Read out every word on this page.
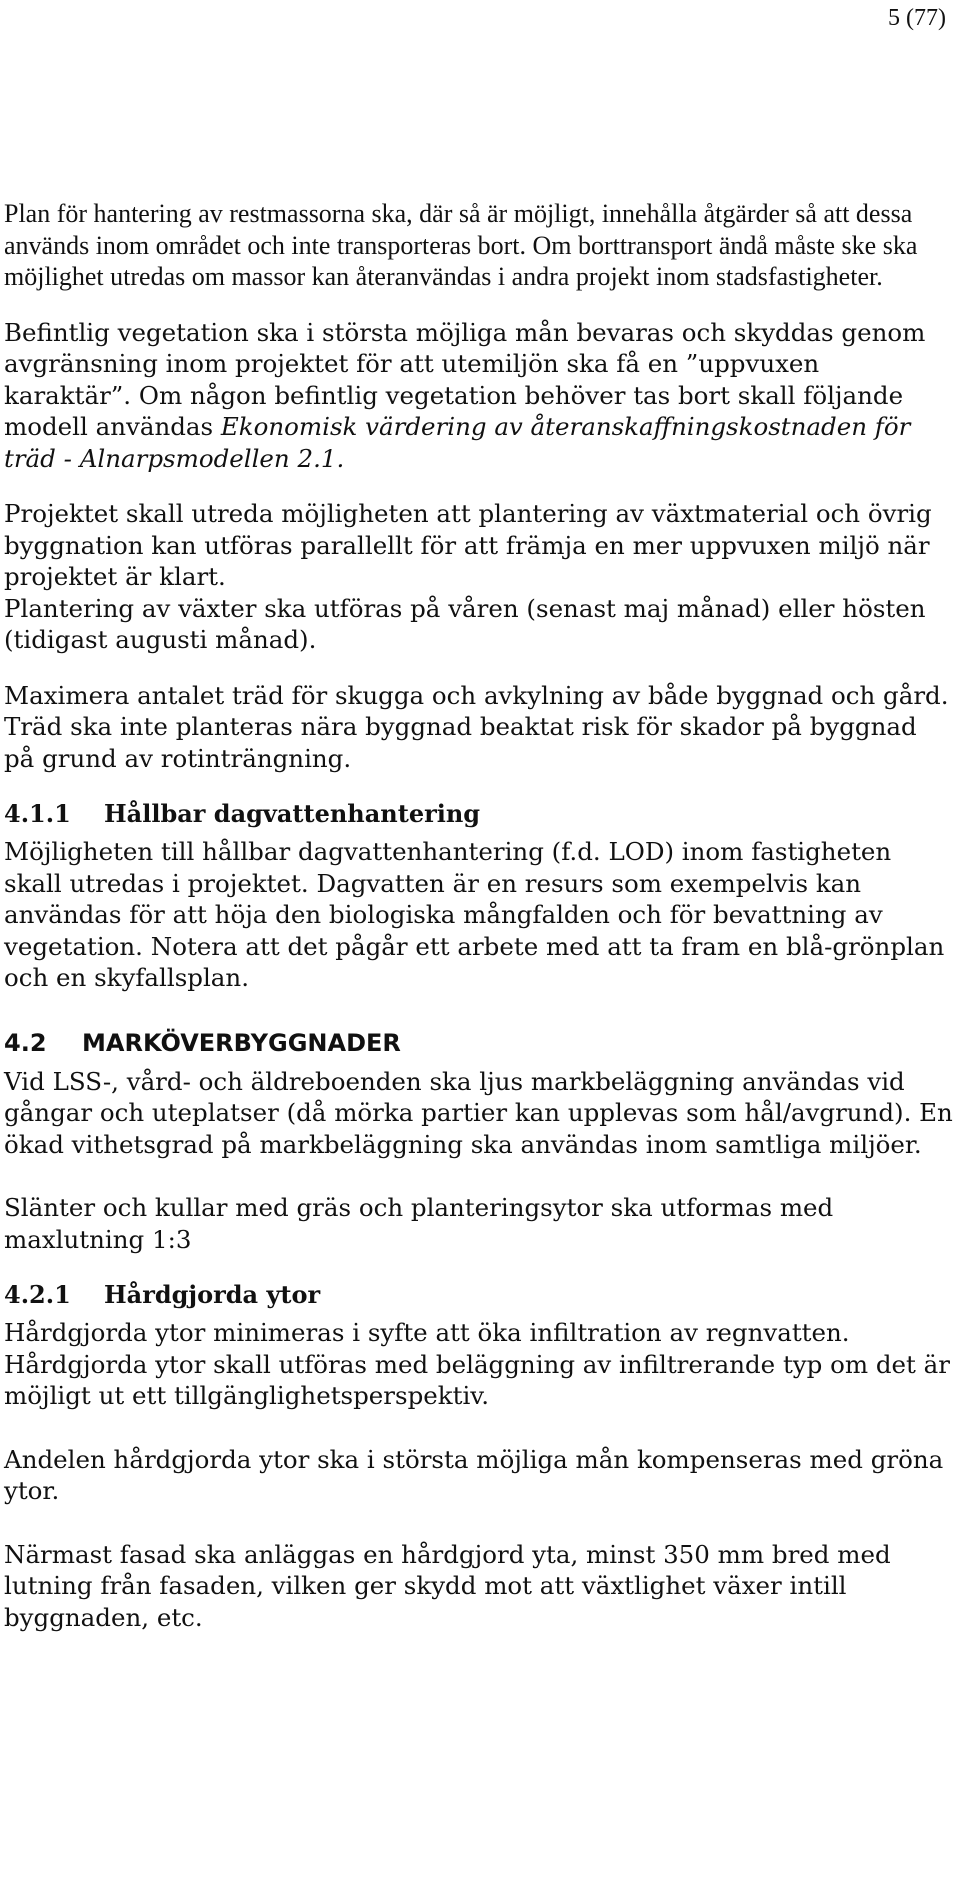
5 (77)

Plan för hantering av restmassorna ska, där så är möjligt, innehålla åtgärder så att dessa används inom området och inte transporteras bort. Om borttransport ändå måste ske ska möjlighet utredas om massor kan återanvändas i andra projekt inom stadsfastigheter.

Befintlig vegetation ska i största möjliga mån bevaras och skyddas genom avgränsning inom projektet för att utemiljön ska få en ”uppvuxen karaktär”. Om någon befintlig vegetation behöver tas bort skall följande modell användas Ekonomisk värdering av återanskaffningskostnaden för träd - Alnarpsmodellen 2.1.

Projektet skall utreda möjligheten att plantering av växtmaterial och övrig byggnation kan utföras parallellt för att främja en mer uppvuxen miljö när projektet är klart.

Plantering av växter ska utföras på våren (senast maj månad) eller hösten (tidigast augusti månad).

Maximera antalet träd för skugga och avkylning av både byggnad och gård.

Träd ska inte planteras nära byggnad beaktat risk för skador på byggnad på grund av rotinträngning.

4.1.1 Hållbar dagvattenhantering

Möjligheten till hållbar dagvattenhantering (f.d. LOD) inom fastigheten skall utredas i projektet. Dagvatten är en resurs som exempelvis kan användas för att höja den biologiska mångfalden och för bevattning av vegetation. Notera att det pågår ett arbete med att ta fram en blå-grönplan och en skyfallsplan.

4.2 MARKÖVERBYGGNADER

Vid LSS-, vård- och äldreboenden ska ljus markbeläggning användas vid gångar och uteplatser (då mörka partier kan upplevas som hål/avgrund). En ökad vithetsgrad på markbeläggning ska användas inom samtliga miljöer.

Slänter och kullar med gräs och planteringsytor ska utformas med maxlutning 1:3

4.2.1 Hårdgjorda ytor

Hårdgjorda ytor minimeras i syfte att öka infiltration av regnvatten.

Hårdgjorda ytor skall utföras med beläggning av infiltrerande typ om det är möjligt ut ett tillgänglighetsperspektiv.

Andelen hårdgjorda ytor ska i största möjliga mån kompenseras med gröna ytor.

Närmast fasad ska anläggas en hårdgjord yta, minst 350 mm bred med lutning från fasaden, vilken ger skydd mot att växtlighet växer intill byggnaden, etc.
